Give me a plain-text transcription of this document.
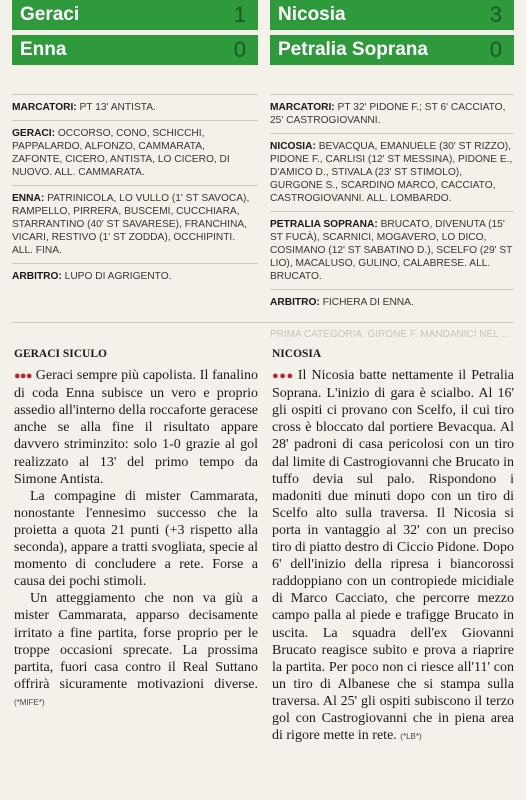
Geraci	1
Enna	0
MARCATORI: PT 13' ANTISTA.
GERACI: OCCORSO, CONO, SCHICCHI, PAPPALARDO, ALFONZO, CAMMARATA, ZAFONTE, CICERO, ANTISTA, LO CICERO, DI NUOVO. ALL. CAMMARATA.
ENNA: PATRINICOLA, LO VULLO (1' ST SAVOCA), RAMPELLO, PIRRERA, BUSCEMI, CUCCHIARA, STARRANTINO (40' ST SAVARESE), FRANCHINA, VICARI, RESTIVO (1' ST ZODDA), OCCHIPINTI. ALL. FINA.
ARBITRO: LUPO DI AGRIGENTO.
Nicosia	3
Petralia Soprana	0
MARCATORI: PT 32' PIDONE F.; ST 6' CACCIATO, 25' CASTROGIOVANNI.
NICOSIA: BEVACQUA, EMANUELE (30' ST RIZZO), PIDONE F., CARLISI (12' ST MESSINA), PIDONE E., D'AMICO D., STIVALA (23' ST STIMOLO), GURGONE S., SCARDINO MARCO, CACCIATO, CASTROGIOVANNI. ALL. LOMBARDO.
PETRALIA SOPRANA: BRUCATO, DIVENUTA (15' ST FUCÀ), SCARNICI, MOGAVERO, LO DICO, COSIMANO (12' ST SABATINO D.), SCELFO (29' ST LIO), MACALUSO, GULINO, CALABRESE. ALL. BRUCATO.
ARBITRO: FICHERA DI ENNA.
PRIMA CATEGORIA. GIRONE F. MANDANICI NEL ...
GERACI SICULO

●●● Geraci sempre più capolista. Il fanalino di coda Enna subisce un vero e proprio assedio all'interno della roccaforte geracese anche se alla fine il risultato appare davvero striminzito: solo 1-0 grazie al gol realizzato al 13' del primo tempo da Simone Antista.

La compagine di mister Cammarata, nonostante l'ennesimo successo che la proietta a quota 21 punti (+3 rispetto alla seconda), appare a tratti svogliata, specie al momento di concludere a rete. Forse a causa dei pochi stimoli.

Un atteggiamento che non va giù a mister Cammarata, apparso decisamente irritato a fine partita, forse proprio per le troppe occasioni sprecate. La prossima partita, fuori casa contro il Real Suttano offrirà sicuramente motivazioni diverse. (*MIFE*)

NICOSIA

●●● Il Nicosia batte nettamente il Petralia Soprana. L'inizio di gara è scialbo. Al 16' gli ospiti ci provano con Scelfo, il cui tiro cross è bloccato dal portiere Bevacqua. Al 28' padroni di casa pericolosi con un tiro dal limite di Castrogiovanni che Brucato in tuffo devia sul palo. Rispondono i madoniti due minuti dopo con un tiro di Scelfo alto sulla traversa. Il Nicosia si porta in vantaggio al 32' con un preciso tiro di piatto destro di Ciccio Pidone. Dopo 6' dell'inizio della ripresa i biancorossi raddoppiano con un contropiede micidiale di Marco Cacciato, che percorre mezzo campo palla al piede e trafigge Brucato in uscita. La squadra dell'ex Giovanni Brucato reagisce subito e prova a riaprire la partita. Per poco non ci riesce all'11' con un tiro di Albanese che si stampa sulla traversa. Al 25' gli ospiti subiscono il terzo gol con Castrogiovanni che in piena area di rigore mette in rete. (*LB*)
